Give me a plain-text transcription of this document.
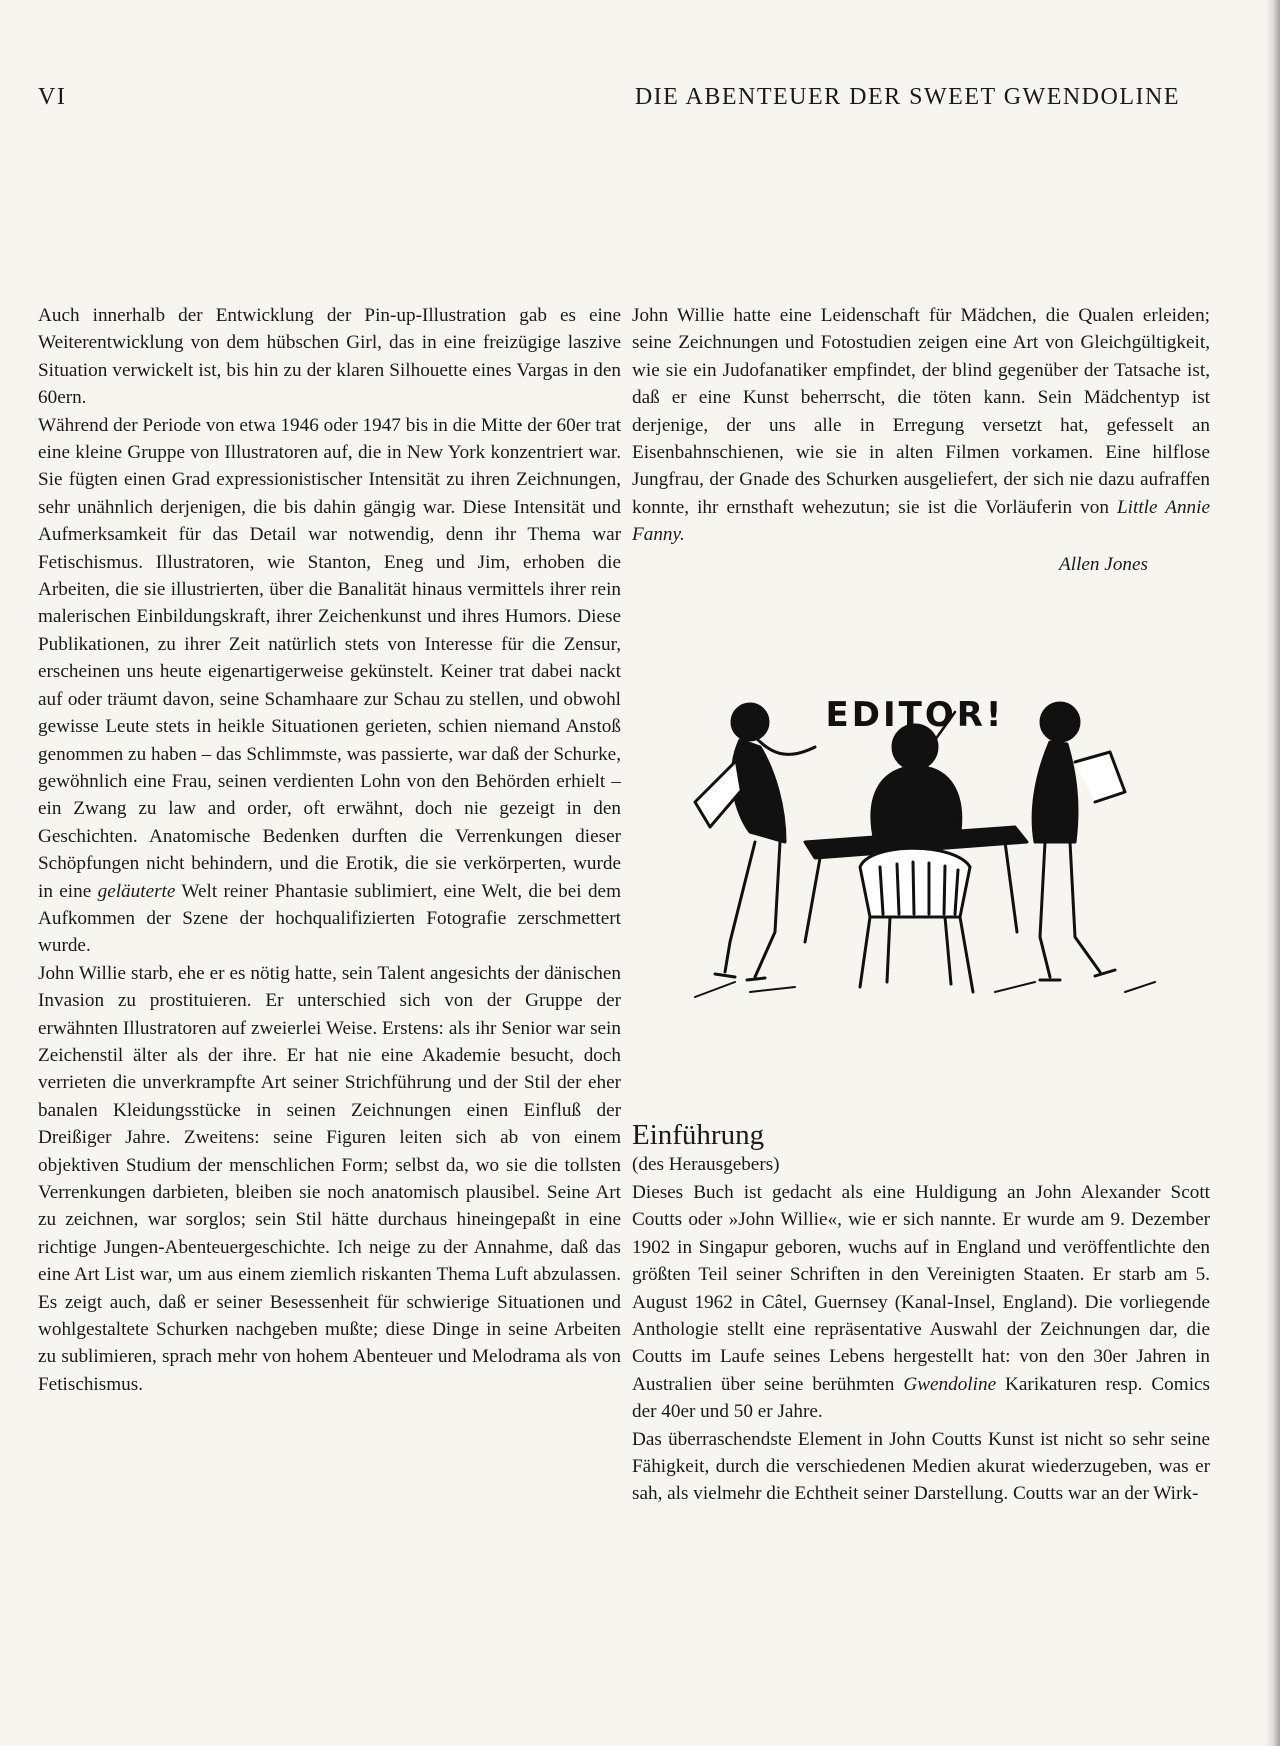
VI	DIE ABENTEUER DER SWEET GWENDOLINE

Auch innerhalb der Entwicklung der Pin-up-Illustration gab es eine Weiterentwicklung von dem hübschen Girl, das in eine freizügige laszive Situation verwickelt ist, bis hin zu der klaren Silhouette eines Vargas in den 60ern.

Während der Periode von etwa 1946 oder 1947 bis in die Mitte der 60er trat eine kleine Gruppe von Illustratoren auf, die in New York konzentriert war. Sie fügten einen Grad expressionistischer Intensität zu ihren Zeichnungen, sehr unähnlich derjenigen, die bis dahin gängig war. Diese Intensität und Aufmerksamkeit für das Detail war notwendig, denn ihr Thema war Fetischismus. Illustratoren, wie Stanton, Eneg und Jim, erhoben die Arbeiten, die sie illustrierten, über die Banalität hinaus vermittels ihrer rein malerischen Einbildungskraft, ihrer Zeichenkunst und ihres Humors. Diese Publikationen, zu ihrer Zeit natürlich stets von Interesse für die Zensur, erscheinen uns heute eigenartigerweise gekünstelt. Keiner trat dabei nackt auf oder träumt davon, seine Schamhaare zur Schau zu stellen, und obwohl gewisse Leute stets in heikle Situationen gerieten, schien niemand Anstoß genommen zu haben – das Schlimmste, was passierte, war daß der Schurke, gewöhnlich eine Frau, seinen verdienten Lohn von den Behörden erhielt – ein Zwang zu law and order, oft erwähnt, doch nie gezeigt in den Geschichten. Anatomische Bedenken durften die Verrenkungen dieser Schöpfungen nicht behindern, und die Erotik, die sie verkörperten, wurde in eine geläuterte Welt reiner Phantasie sublimiert, eine Welt, die bei dem Aufkommen der Szene der hochqualifizierten Fotografie zerschmettert wurde.

John Willie starb, ehe er es nötig hatte, sein Talent angesichts der dänischen Invasion zu prostituieren. Er unterschied sich von der Gruppe der erwähnten Illustratoren auf zweierlei Weise. Erstens: als ihr Senior war sein Zeichenstil älter als der ihre. Er hat nie eine Akademie besucht, doch verrieten die unverkrampfte Art seiner Strichführung und der Stil der eher banalen Kleidungsstücke in seinen Zeichnungen einen Einfluß der Dreißiger Jahre. Zweitens: seine Figuren leiten sich ab von einem objektiven Studium der menschlichen Form; selbst da, wo sie die tollsten Verrenkungen darbieten, bleiben sie noch anatomisch plausibel. Seine Art zu zeichnen, war sorglos; sein Stil hätte durchaus hineingepaßt in eine richtige Jungen-Abenteuergeschichte. Ich neige zu der Annahme, daß das eine Art List war, um aus einem ziemlich riskanten Thema Luft abzulassen. Es zeigt auch, daß er seiner Besessenheit für schwierige Situationen und wohlgestaltete Schurken nachgeben mußte; diese Dinge in seine Arbeiten zu sublimieren, sprach mehr von hohem Abenteuer und Melodrama als von Fetischismus.

John Willie hatte eine Leidenschaft für Mädchen, die Qualen erleiden; seine Zeichnungen und Fotostudien zeigen eine Art von Gleichgültigkeit, wie sie ein Judofanatiker empfindet, der blind gegenüber der Tatsache ist, daß er eine Kunst beherrscht, die töten kann. Sein Mädchentyp ist derjenige, der uns alle in Erregung versetzt hat, gefesselt an Eisenbahnschienen, wie sie in alten Filmen vorkamen. Eine hilflose Jungfrau, der Gnade des Schurken ausgeliefert, der sich nie dazu aufraffen konnte, ihr ernsthaft wehezutun; sie ist die Vorläuferin von Little Annie Fanny.

Allen Jones
EDITOR!
Einführung
(des Herausgebers)

Dieses Buch ist gedacht als eine Huldigung an John Alexander Scott Coutts oder »John Willie«, wie er sich nannte. Er wurde am 9. Dezember 1902 in Singapur geboren, wuchs auf in England und veröffentlichte den größten Teil seiner Schriften in den Vereinigten Staaten. Er starb am 5. August 1962 in Câtel, Guernsey (Kanal-Insel, England). Die vorliegende Anthologie stellt eine repräsentative Auswahl der Zeichnungen dar, die Coutts im Laufe seines Lebens hergestellt hat: von den 30er Jahren in Australien über seine berühmten Gwendoline Karikaturen resp. Comics der 40er und 50 er Jahre.

Das überraschendste Element in John Coutts Kunst ist nicht so sehr seine Fähigkeit, durch die verschiedenen Medien akurat wiederzugeben, was er sah, als vielmehr die Echtheit seiner Darstellung. Coutts war an der Wirk-
